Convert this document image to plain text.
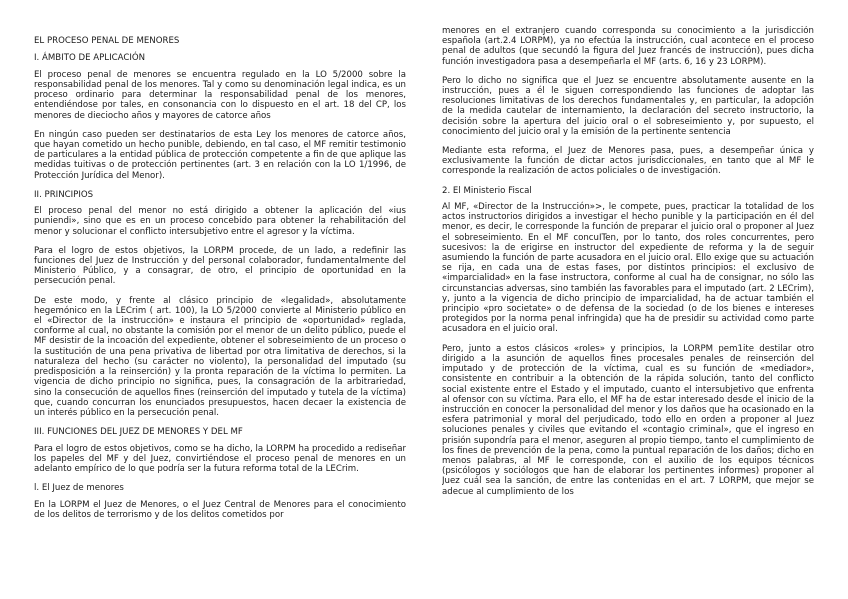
EL PROCESO PENAL DE MENORES
I. ÁMBITO DE APLICACIÓN

El proceso penal de menores se encuentra regulado en la LO 5/2000 sobre la responsabilidad penal de los menores. Tal y como su denominación legal indica, es un proceso ordinario para determinar la responsabilidad penal de los menores, entendiéndose por tales, en consonancia con lo dispuesto en el art. 18 del CP, los menores de dieciocho años y mayores de catorce años

En ningún caso pueden ser destinatarios de esta Ley los menores de catorce años, que hayan cometido un hecho punible, debiendo, en tal caso, el MF remitir testimonio de particulares a la entidad pública de protección competente a fin de que aplique las medidas tuitivas o de protección pertinentes (art. 3 en relación con la LO 1/1996, de Protección Jurídica del Menor).

II. PRINCIPIOS

El proceso penal del menor no está dirigido a obtener la aplicación del «ius puniendi», sino que es en un proceso concebido para obtener la rehabilitación del menor y solucionar el conflicto intersubjetivo entre el agresor y la víctima.

Para el logro de estos objetivos, la LORPM procede, de un lado, a redefinir las funciones del Juez de Instrucción y del personal colaborador, fundamentalmente del Ministerio Público, y a consagrar, de otro, el principio de oportunidad en la persecución penal.

De este modo, y frente al clásico principio de «legalidad», absolutamente hegemónico en la LECrim ( art. 100), la LO 5/2000 convierte al Ministerio público en el «Director de la instrucción» e instaura el principio de «oportunidad» reglada, conforme al cual, no obstante la comisión por el menor de un delito público, puede el MF desistir de la incoación del expediente, obtener el sobreseimiento de un proceso o la sustitución de una pena privativa de libertad por otra limitativa de derechos, si la naturaleza del hecho (su carácter no violento), la personalidad del imputado (su predisposición a la reinserción) y la pronta reparación de la víctima lo permiten. La vigencia de dicho principio no significa, pues, la consagración de la arbitrariedad, sino la consecución de aquellos fines (reinserción del imputado y tutela de la víctima) que, cuando concurran los enunciados presupuestos, hacen decaer la existencia de un interés público en la persecución penal.

III. FUNCIONES DEL JUEZ DE MENORES Y DEL MF

Para el logro de estos objetivos, como se ha dicho, la LORPM ha procedido a rediseñar los papeles del MF y del Juez, convirtiéndose el proceso penal de menores en un adelanto empírico de lo que podría ser la futura reforma total de la LECrim.

l. El Juez de menores

En la LORPM el Juez de Menores, o el Juez Central de Menores para el conocimiento de los delitos de terrorismo y de los delitos cometidos por

menores en el extranjero cuando corresponda su conocimiento a la jurisdicción española (art.2.4 LORPM), ya no efectúa la instrucción, cual acontece en el proceso penal de adultos (que secundó la figura del Juez francés de instrucción), pues dicha función investigadora pasa a desempeñarla el MF (arts. 6, 16 y 23 LORPM).

Pero lo dicho no significa que el Juez se encuentre absolutamente ausente en la instrucción, pues a él le siguen correspondiendo las funciones de adoptar las resoluciones limitativas de los derechos fundamentales y, en particular, la adopción de la medida cautelar de internamiento, la declaración del secreto instructorio, la decisión sobre la apertura del juicio oral o el sobreseimiento y, por supuesto, el conocimiento del juicio oral y la emisión de la pertinente sentencia

Mediante esta reforma, el Juez de Menores pasa, pues, a desempeñar única y exclusivamente la función de dictar actos jurisdiccionales, en tanto que al MF le corresponde la realización de actos policiales o de investigación.

2. El Ministerio Fiscal

Al MF, «Director de la Instrucción»>, le compete, pues, practicar la totalidad de los actos instructorios dirigidos a investigar el hecho punible y la participación en él del menor, es decir, le corresponde la función de preparar el juicio oral o proponer al Juez el sobreseimiento. En el MF concuITen, por lo tanto, dos roles concurrentes, pero sucesivos: la de erigirse en instructor del expediente de reforma y la de seguir asumiendo la función de parte acusadora en el juicio oral. Ello exige que su actuación se rija, en cada una de estas fases, por distintos principios: el exclusivo de «imparcialidad» en la fase instructora, conforme al cual ha de consignar, no sólo las circunstancias adversas, sino también las favorables para el imputado (art. 2 LECrim), y, junto a la vigencia de dicho principio de imparcialidad, ha de actuar también el principio «pro societate» o de defensa de la sociedad (o de los bienes e intereses protegidos por la norma penal infringida) que ha de presidir su actividad como parte acusadora en el juicio oral.

Pero, junto a estos clásicos «roles» y principios, la LORPM pem1ite destilar otro dirigido a la asunción de aquellos fines procesales penales de reinserción del imputado y de protección de la víctima, cual es su función de «mediador», consistente en contribuir a la obtención de la rápida solución, tanto del conflicto social existente entre el Estado y el imputado, cuanto el intersubjetivo que enfrenta al ofensor con su víctima. Para ello, el MF ha de estar interesado desde el inicio de la instrucción en conocer la personalidad del menor y los daños que ha ocasionado en la esfera patrimonial y moral del perjudicado, todo ello en orden a proponer al Juez soluciones penales y civiles que evitando el «contagio criminal», que el ingreso en prisión supondría para el menor, aseguren al propio tiempo, tanto el cumplimiento de los fines de prevención de la pena, como la puntual reparación de los daños; dicho en menos palabras, al MF le corresponde, con el auxilio de los equipos técnicos (psicólogos y sociólogos que han de elaborar los pertinentes informes) proponer al Juez cuál sea la sanción, de entre las contenidas en el art. 7 LORPM, que mejor se adecue al cumplimiento de los
